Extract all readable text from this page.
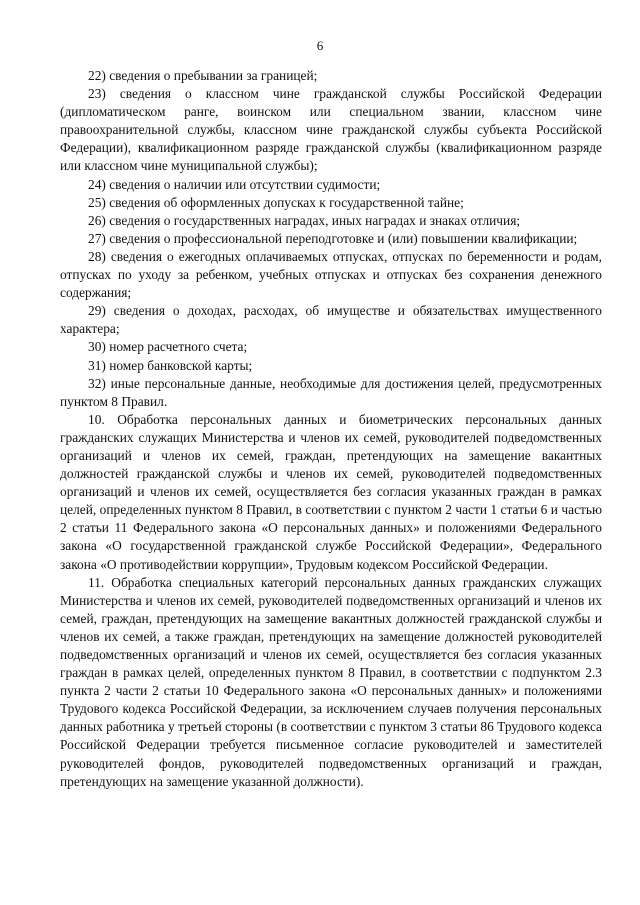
6

22) сведения о пребывании за границей;

23) сведения о классном чине гражданской службы Российской Федерации (дипломатическом ранге, воинском или специальном звании, классном чине правоохранительной службы, классном чине гражданской службы субъекта Российской Федерации), квалификационном разряде гражданской службы (квалификационном разряде или классном чине муниципальной службы);

24) сведения о наличии или отсутствии судимости;

25) сведения об оформленных допусках к государственной тайне;

26) сведения о государственных наградах, иных наградах и знаках отличия;

27) сведения о профессиональной переподготовке и (или) повышении квалификации;

28) сведения о ежегодных оплачиваемых отпусках, отпусках по беременности и родам, отпусках по уходу за ребенком, учебных отпусках и отпусках без сохранения денежного содержания;

29) сведения о доходах, расходах, об имуществе и обязательствах имущественного характера;

30) номер расчетного счета;

31) номер банковской карты;

32) иные персональные данные, необходимые для достижения целей, предусмотренных пунктом 8 Правил.

10. Обработка персональных данных и биометрических персональных данных гражданских служащих Министерства и членов их семей, руководителей подведомственных организаций и членов их семей, граждан, претендующих на замещение вакантных должностей гражданской службы и членов их семей, руководителей подведомственных организаций и членов их семей, осуществляется без согласия указанных граждан в рамках целей, определенных пунктом 8 Правил, в соответствии с пунктом 2 части 1 статьи 6 и частью 2 статьи 11 Федерального закона «О персональных данных» и положениями Федерального закона «О государственной гражданской службе Российской Федерации», Федерального закона «О противодействии коррупции», Трудовым кодексом Российской Федерации.

11. Обработка специальных категорий персональных данных гражданских служащих Министерства и членов их семей, руководителей подведомственных организаций и членов их семей, граждан, претендующих на замещение вакантных должностей гражданской службы и членов их семей, а также граждан, претендующих на замещение должностей руководителей подведомственных организаций и членов их семей, осуществляется без согласия указанных граждан в рамках целей, определенных пунктом 8 Правил, в соответствии с подпунктом 2.3 пункта 2 части 2 статьи 10 Федерального закона «О персональных данных» и положениями Трудового кодекса Российской Федерации, за исключением случаев получения персональных данных работника у третьей стороны (в соответствии с пунктом 3 статьи 86 Трудового кодекса Российской Федерации требуется письменное согласие руководителей и заместителей руководителей фондов, руководителей подведомственных организаций и граждан, претендующих на замещение указанной должности).
